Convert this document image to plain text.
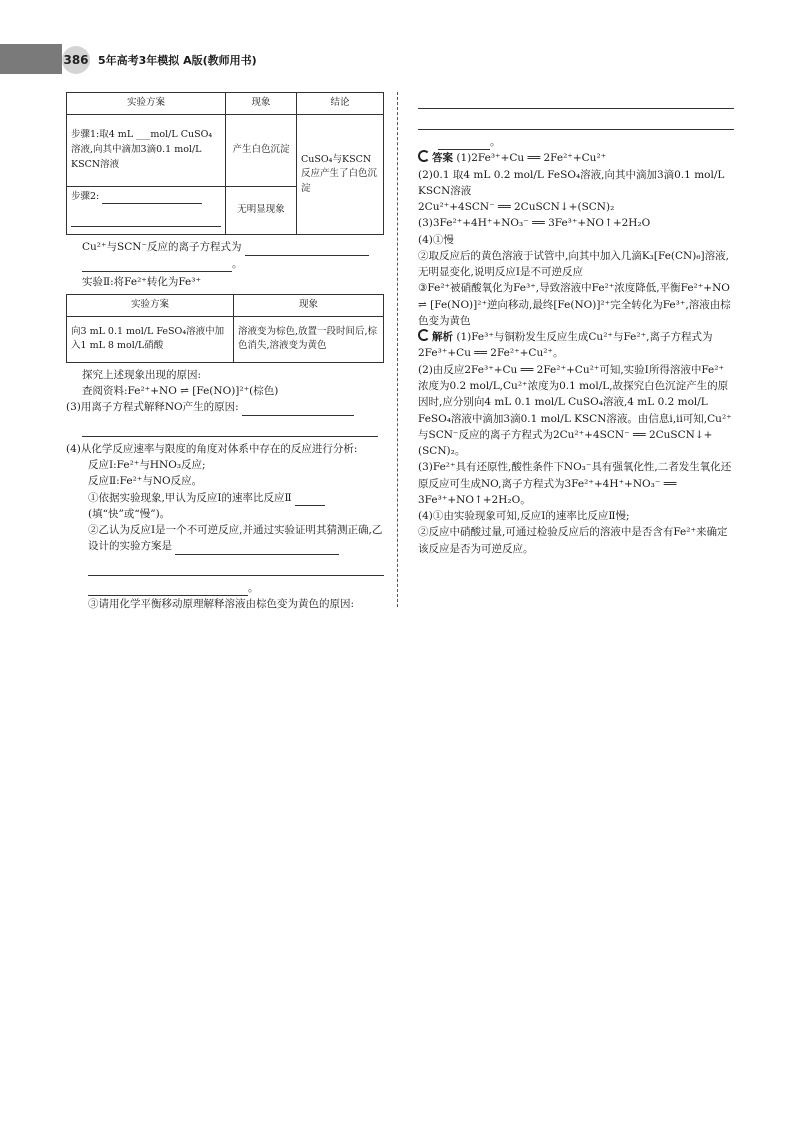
386 5年高考3年模拟 A版(教师用书)
实验方案	现象	结论
步骤1:取4 mL ___mol/L CuSO₄溶液,向其中滴加3滴0.1 mol/L KSCN溶液	产生白色沉淀	CuSO₄与KSCN反应产生了白色沉淀
步骤2:	无明显现象	

Cu²⁺与SCN⁻反应的离子方程式为

。

实验Ⅱ:将Fe²⁺转化为Fe³⁺

实验方案	现象
向3 mL 0.1 mol/L FeSO₄溶液中加入1 mL 8 mol/L硝酸	溶液变为棕色,放置一段时间后,棕色消失,溶液变为黄色

探究上述现象出现的原因:

查阅资料:Fe²⁺+NO ⇌ [Fe(NO)]²⁺(棕色)

(3)用离子方程式解释NO产生的原因:

(4)从化学反应速率与限度的角度对体系中存在的反应进行分析:

反应Ⅰ:Fe²⁺与HNO₃反应;

反应Ⅱ:Fe²⁺与NO反应。

①依据实验现象,甲认为反应Ⅰ的速率比反应Ⅱ  (填“快”或“慢”)。

②乙认为反应Ⅰ是一个不可逆反应,并通过实验证明其猜测正确,乙设计的实验方案是

。

③请用化学平衡移动原理解释溶液由棕色变为黄色的原因:

。

答案 (1)2Fe³⁺+Cu ══ 2Fe²⁺+Cu²⁺

(2)0.1 取4 mL 0.2 mol/L FeSO₄溶液,向其中滴加3滴0.1 mol/L KSCN溶液

2Cu²⁺+4SCN⁻ ══ 2CuSCN↓+(SCN)₂

(3)3Fe²⁺+4H⁺+NO₃⁻ ══ 3Fe³⁺+NO↑+2H₂O

(4)①慢

②取反应后的黄色溶液于试管中,向其中加入几滴K₃[Fe(CN)₆]溶液,无明显变化,说明反应Ⅰ是不可逆反应

③Fe²⁺被硝酸氧化为Fe³⁺,导致溶液中Fe²⁺浓度降低,平衡Fe²⁺+NO ⇌ [Fe(NO)]²⁺逆向移动,最终[Fe(NO)]²⁺完全转化为Fe³⁺,溶液由棕色变为黄色

解析 (1)Fe³⁺与铜粉发生反应生成Cu²⁺与Fe²⁺,离子方程式为2Fe³⁺+Cu ══ 2Fe²⁺+Cu²⁺。

(2)由反应2Fe³⁺+Cu ══ 2Fe²⁺+Cu²⁺可知,实验Ⅰ所得溶液中Fe²⁺浓度为0.2 mol/L,Cu²⁺浓度为0.1 mol/L,故探究白色沉淀产生的原因时,应分别向4 mL 0.1 mol/L CuSO₄溶液,4 mL 0.2 mol/L FeSO₄溶液中滴加3滴0.1 mol/L KSCN溶液。由信息ⅰ,ⅱ可知,Cu²⁺与SCN⁻反应的离子方程式为2Cu²⁺+4SCN⁻ ══ 2CuSCN↓+(SCN)₂。

(3)Fe²⁺具有还原性,酸性条件下NO₃⁻具有强氧化性,二者发生氧化还原反应可生成NO,离子方程式为3Fe²⁺+4H⁺+NO₃⁻ ══ 3Fe³⁺+NO↑+2H₂O。

(4)①由实验现象可知,反应Ⅰ的速率比反应Ⅱ慢;

②反应中硝酸过量,可通过检验反应后的溶液中是否含有Fe²⁺来确定该反应是否为可逆反应。
